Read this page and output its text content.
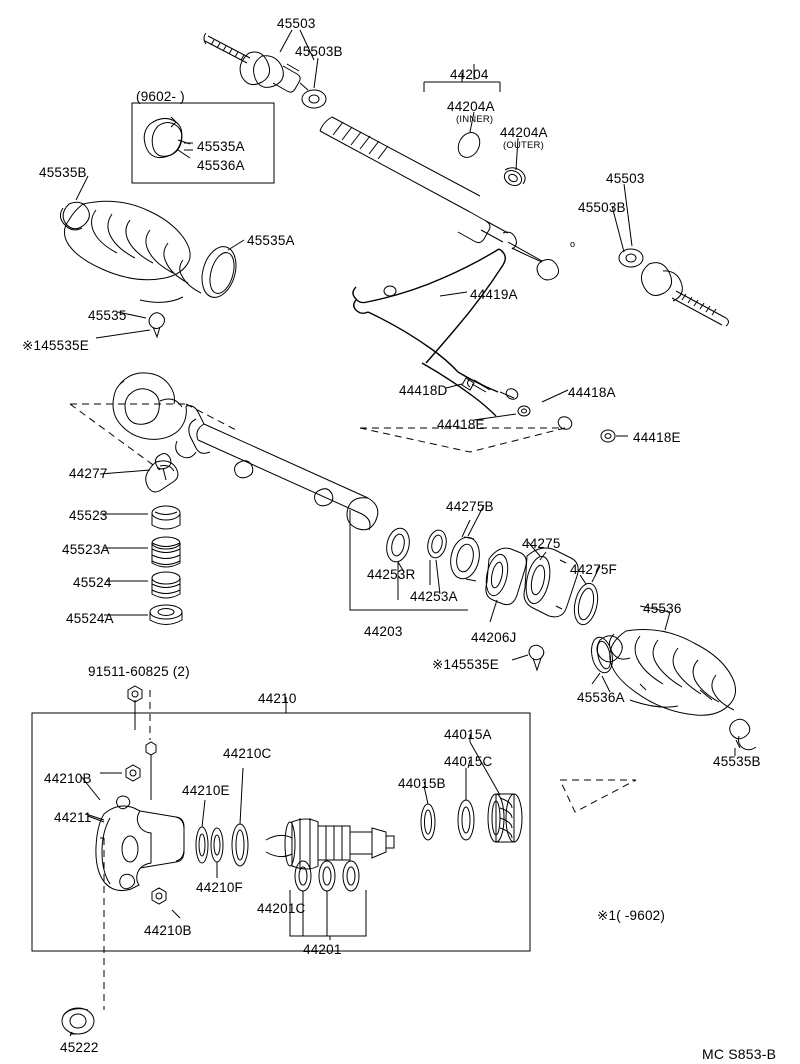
o
45503
45503B
44204
44204A
(INNER)
44204A
(OUTER)
(9602- )
45535A
45536A
45535B	45503
45503B
45535A
44419A
45535
※145535E
44418D	44418A
44418E
44418E
44277
45523
45523A
45524
45524A
44275B
44275
44275F
44253R
44253A
44203	44206J
45536
※145535E
45536A
45535B
91511-60825 (2)
44210
44015A
44015C
44015B
44210C
44210B
44210E
44211
44210F
44201C
44210B
44201
※1( -9602)
45222	MC S853-B
